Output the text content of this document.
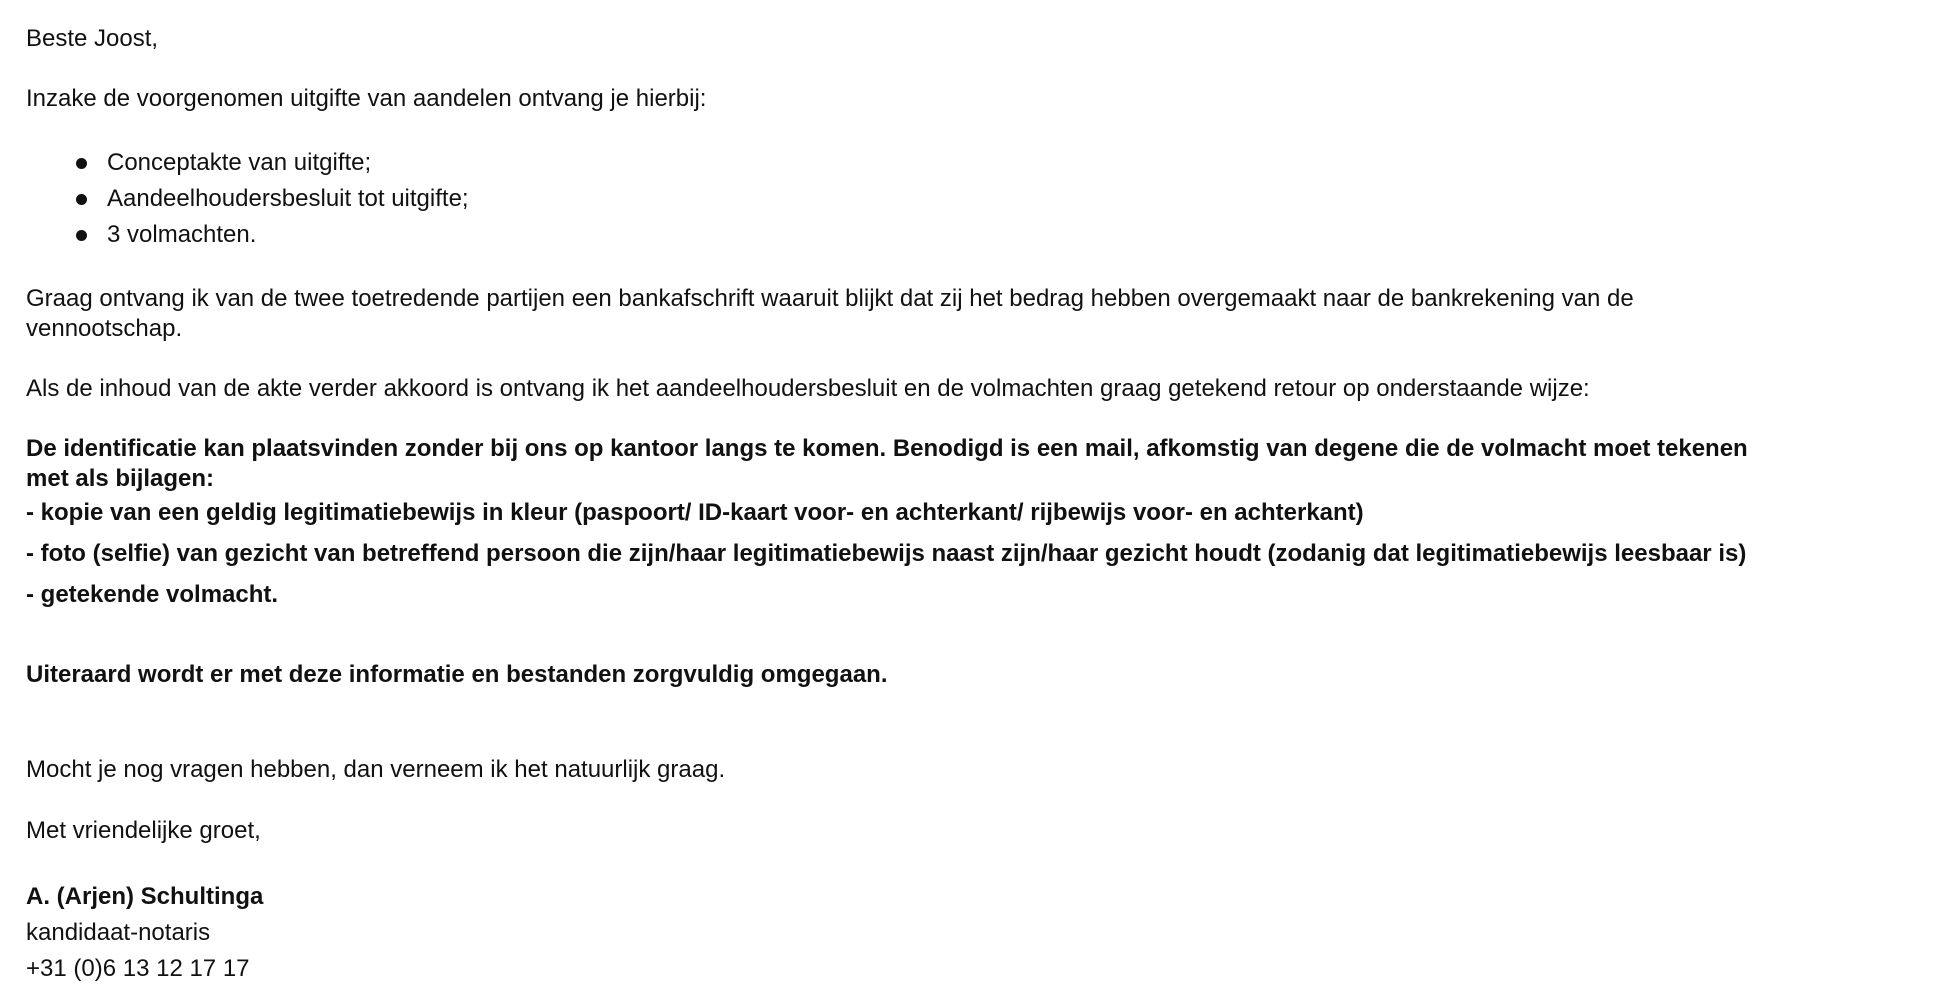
Beste Joost,
Inzake de voorgenomen uitgifte van aandelen ontvang je hierbij:
Conceptakte van uitgifte;
Aandeelhoudersbesluit tot uitgifte;
3 volmachten.
Graag ontvang ik van de twee toetredende partijen een bankafschrift waaruit blijkt dat zij het bedrag hebben overgemaakt naar de bankrekening van de
vennootschap.
Als de inhoud van de akte verder akkoord is ontvang ik het aandeelhoudersbesluit en de volmachten graag getekend retour op onderstaande wijze:
De identificatie kan plaatsvinden zonder bij ons op kantoor langs te komen. Benodigd is een mail, afkomstig van degene die de volmacht moet tekenen
met als bijlagen:
- kopie van een geldig legitimatiebewijs in kleur (paspoort/ ID-kaart voor- en achterkant/ rijbewijs voor- en achterkant)
- foto (selfie) van gezicht van betreffend persoon die zijn/haar legitimatiebewijs naast zijn/haar gezicht houdt (zodanig dat legitimatiebewijs leesbaar is)
- getekende volmacht.
Uiteraard wordt er met deze informatie en bestanden zorgvuldig omgegaan.
Mocht je nog vragen hebben, dan verneem ik het natuurlijk graag.
Met vriendelijke groet,
A. (Arjen) Schultinga
kandidaat-notaris
+31 (0)6 13 12 17 17
